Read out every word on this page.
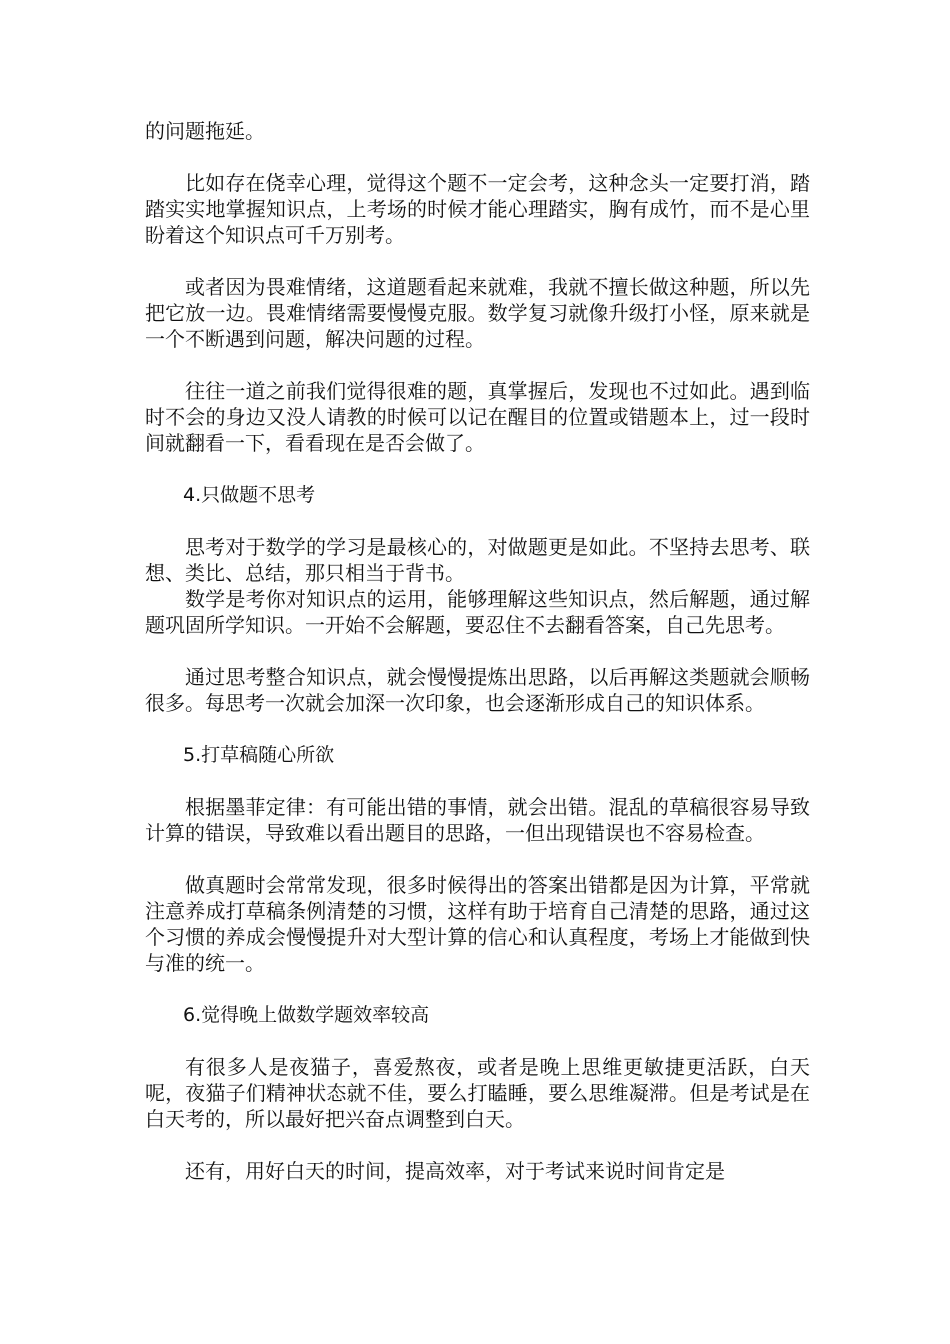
的问题拖延。

比如存在侥幸心理，觉得这个题不一定会考，这种念头一定要打消，踏踏实实地掌握知识点，上考场的时候才能心理踏实，胸有成竹，而不是心里盼着这个知识点可千万别考。

或者因为畏难情绪，这道题看起来就难，我就不擅长做这种题，所以先把它放一边。畏难情绪需要慢慢克服。数学复习就像升级打小怪，原来就是一个不断遇到问题，解决问题的过程。

往往一道之前我们觉得很难的题，真掌握后，发现也不过如此。遇到临时不会的身边又没人请教的时候可以记在醒目的位置或错题本上，过一段时间就翻看一下，看看现在是否会做了。

4.只做题不思考

思考对于数学的学习是最核心的，对做题更是如此。不坚持去思考、联想、类比、总结，那只相当于背书。

数学是考你对知识点的运用，能够理解这些知识点，然后解题，通过解题巩固所学知识。一开始不会解题，要忍住不去翻看答案，自己先思考。

通过思考整合知识点，就会慢慢提炼出思路，以后再解这类题就会顺畅很多。每思考一次就会加深一次印象，也会逐渐形成自己的知识体系。

5.打草稿随心所欲

根据墨菲定律：有可能出错的事情，就会出错。混乱的草稿很容易导致计算的错误，导致难以看出题目的思路，一但出现错误也不容易检查。

做真题时会常常发现，很多时候得出的答案出错都是因为计算，平常就注意养成打草稿条例清楚的习惯，这样有助于培育自己清楚的思路，通过这个习惯的养成会慢慢提升对大型计算的信心和认真程度，考场上才能做到快与准的统一。

6.觉得晚上做数学题效率较高

有很多人是夜猫子，喜爱熬夜，或者是晚上思维更敏捷更活跃，白天呢，夜猫子们精神状态就不佳，要么打瞌睡，要么思维凝滞。但是考试是在白天考的，所以最好把兴奋点调整到白天。

还有，用好白天的时间，提高效率，对于考试来说时间肯定是
